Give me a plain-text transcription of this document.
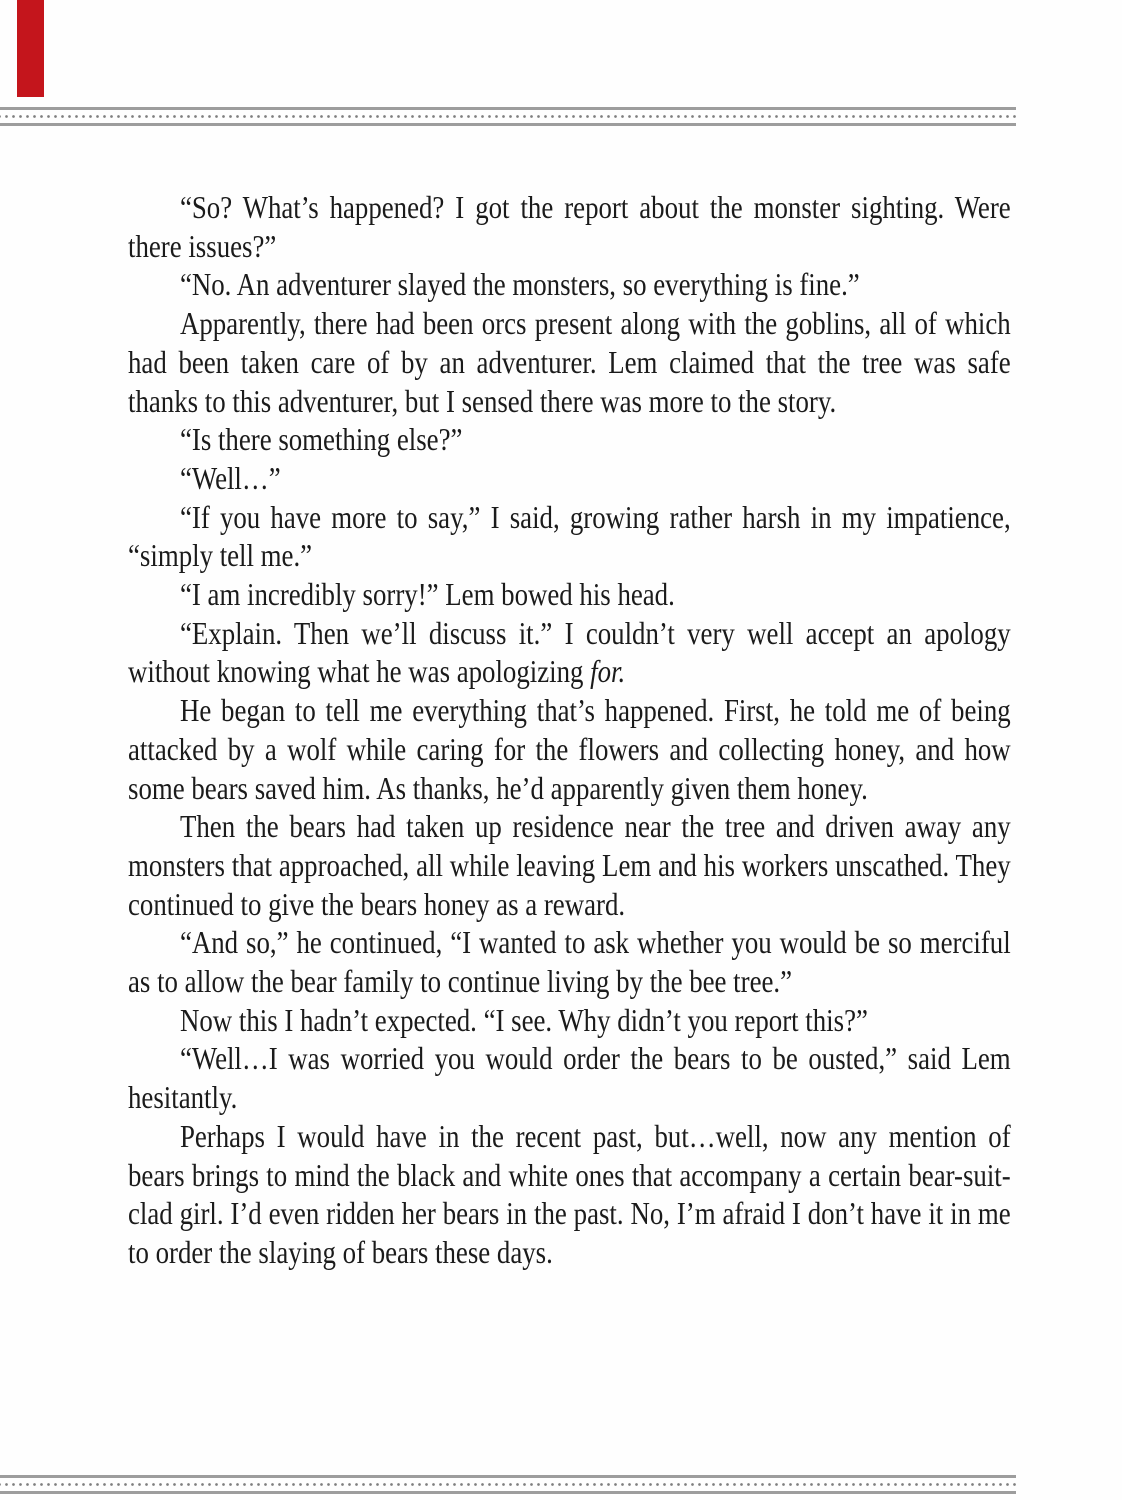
“So? What’s happened? I got the report about the monster sighting. Were there issues?”

“No. An adventurer slayed the monsters, so everything is fine.”

Apparently, there had been orcs present along with the goblins, all of which had been taken care of by an adventurer. Lem claimed that the tree was safe thanks to this adventurer, but I sensed there was more to the story.

“Is there something else?”

“Well…”

“If you have more to say,” I said, growing rather harsh in my impatience, “simply tell me.”

“I am incredibly sorry!” Lem bowed his head.

“Explain. Then we’ll discuss it.” I couldn’t very well accept an apology without knowing what he was apologizing for.

He began to tell me everything that’s happened. First, he told me of being attacked by a wolf while caring for the flowers and collecting honey, and how some bears saved him. As thanks, he’d apparently given them honey.

Then the bears had taken up residence near the tree and driven away any monsters that approached, all while leaving Lem and his workers unscathed. They continued to give the bears honey as a reward.

“And so,” he continued, “I wanted to ask whether you would be so merciful as to allow the bear family to continue living by the bee tree.”

Now this I hadn’t expected. “I see. Why didn’t you report this?”

“Well…I was worried you would order the bears to be ousted,” said Lem hesitantly.

Perhaps I would have in the recent past, but…well, now any mention of bears brings to mind the black and white ones that accompany a certain bear-suit-clad girl. I’d even ridden her bears in the past. No, I’m afraid I don’t have it in me to order the slaying of bears these days.
